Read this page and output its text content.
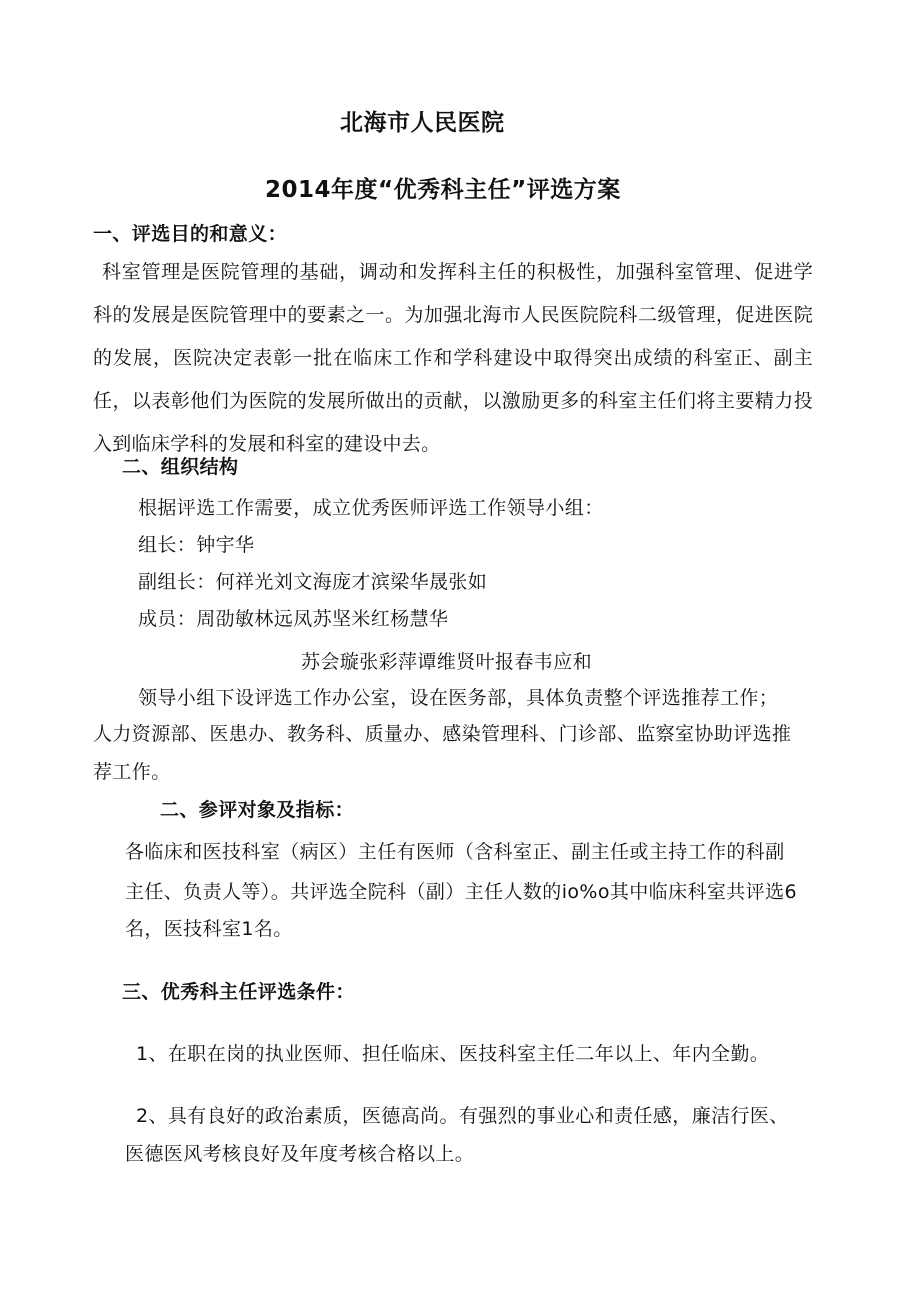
北海市人民医院
2014年度“优秀科主任”评选方案
一、评选目的和意义：

科室管理是医院管理的基础，调动和发挥科主任的积极性，加强科室管理、促进学科的发展是医院管理中的要素之一。为加强北海市人民医院院科二级管理，促进医院的发展，医院决定表彰一批在临床工作和学科建设中取得突出成绩的科室正、副主任，以表彰他们为医院的发展所做出的贡献，以激励更多的科室主任们将主要精力投入到临床学科的发展和科室的建设中去。

二、组织结构

根据评选工作需要，成立优秀医师评选工作领导小组：

组长：钟宇华

副组长：何祥光刘文海庞才滨梁华晟张如

成员：周劭敏林远凤苏坚米红杨慧华

苏会璇张彩萍谭维贤叶报春韦应和

领导小组下设评选工作办公室，设在医务部，具体负责整个评选推荐工作；

人力资源部、医患办、教务科、质量办、感染管理科、门诊部、监察室协助评选推

荐工作。

二、参评对象及指标：

各临床和医技科室（病区）主任有医师（含科室正、副主任或主持工作的科副

主任、负责人等）。共评选全院科（副）主任人数的io%o其中临床科室共评选6

名，医技科室1名。

三、优秀科主任评选条件：

1、在职在岗的执业医师、担任临床、医技科室主任二年以上、年内全勤。

2、具有良好的政治素质，医德高尚。有强烈的事业心和责任感，廉洁行医、

医德医风考核良好及年度考核合格以上。
